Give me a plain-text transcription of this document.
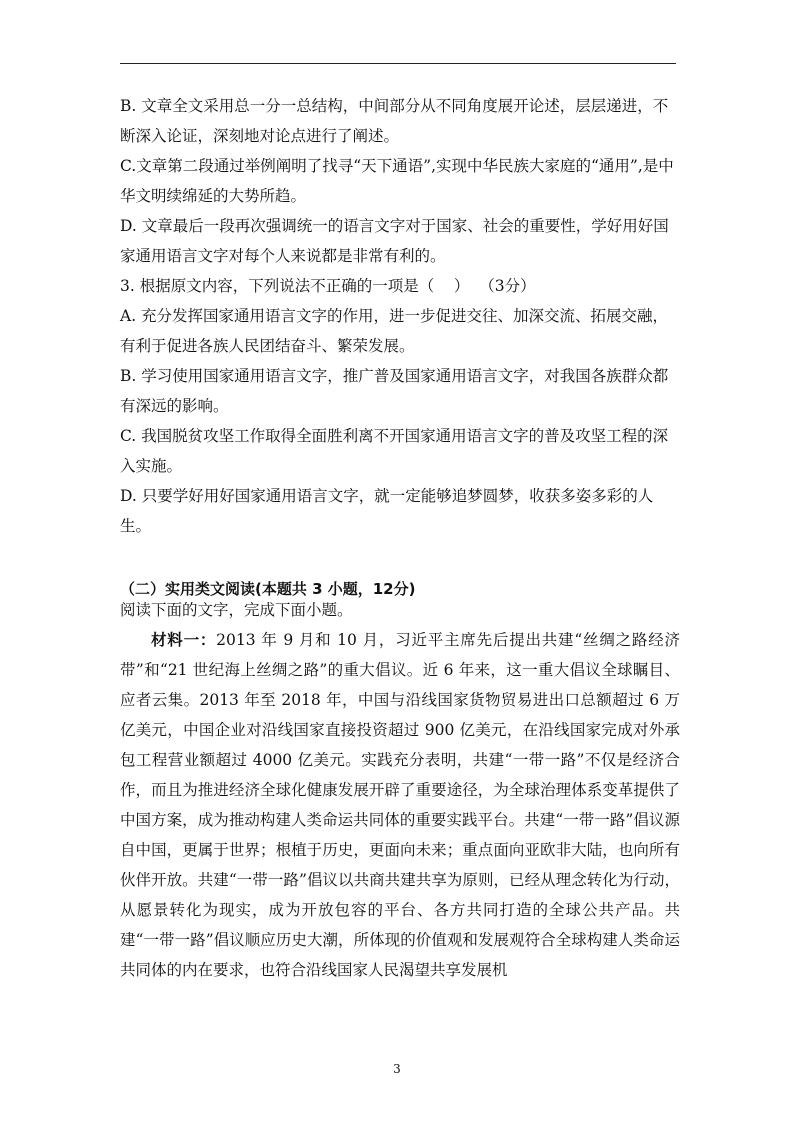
B. 文章全文采用总一分一总结构，中间部分从不同角度展开论述，层层递进，不断深入论证，深刻地对论点进行了阐述。

C.文章第二段通过举例阐明了找寻“天下通语”,实现中华民族大家庭的“通用”,是中华文明续绵延的大势所趋。

D. 文章最后一段再次强调统一的语言文字对于国家、社会的重要性，学好用好国家通用语言文字对每个人来说都是非常有利的。

3. 根据原文内容，下列说法不正确的一项是（    ）  （3分）

A. 充分发挥国家通用语言文字的作用，进一步促进交往、加深交流、拓展交融，有利于促进各族人民团结奋斗、繁荣发展。

B. 学习使用国家通用语言文字，推广普及国家通用语言文字，对我国各族群众都有深远的影响。

C. 我国脱贫攻坚工作取得全面胜利离不开国家通用语言文字的普及攻坚工程的深入实施。

D. 只要学好用好国家通用语言文字，就一定能够追梦圆梦，收获多姿多彩的人生。

（二）实用类文阅读(本题共 3 小题，12分)

阅读下面的文字，完成下面小题。

材料一：2013 年 9 月和 10 月，习近平主席先后提出共建“丝绸之路经济带”和“21 世纪海上丝绸之路”的重大倡议。近 6 年来，这一重大倡议全球瞩目、应者云集。2013 年至 2018 年，中国与沿线国家货物贸易进出口总额超过 6 万亿美元，中国企业对沿线国家直接投资超过 900 亿美元，在沿线国家完成对外承包工程营业额超过 4000 亿美元。实践充分表明，共建“一带一路”不仅是经济合作，而且为推进经济全球化健康发展开辟了重要途径，为全球治理体系变革提供了中国方案，成为推动构建人类命运共同体的重要实践平台。共建“一带一路”倡议源自中国，更属于世界；根植于历史，更面向未来；重点面向亚欧非大陆，也向所有伙伴开放。共建“一带一路”倡议以共商共建共享为原则，已经从理念转化为行动，从愿景转化为现实，成为开放包容的平台、各方共同打造的全球公共产品。共建“一带一路”倡议顺应历史大潮，所体现的价值观和发展观符合全球构建人类命运共同体的内在要求，也符合沿线国家人民渴望共享发展机

3
